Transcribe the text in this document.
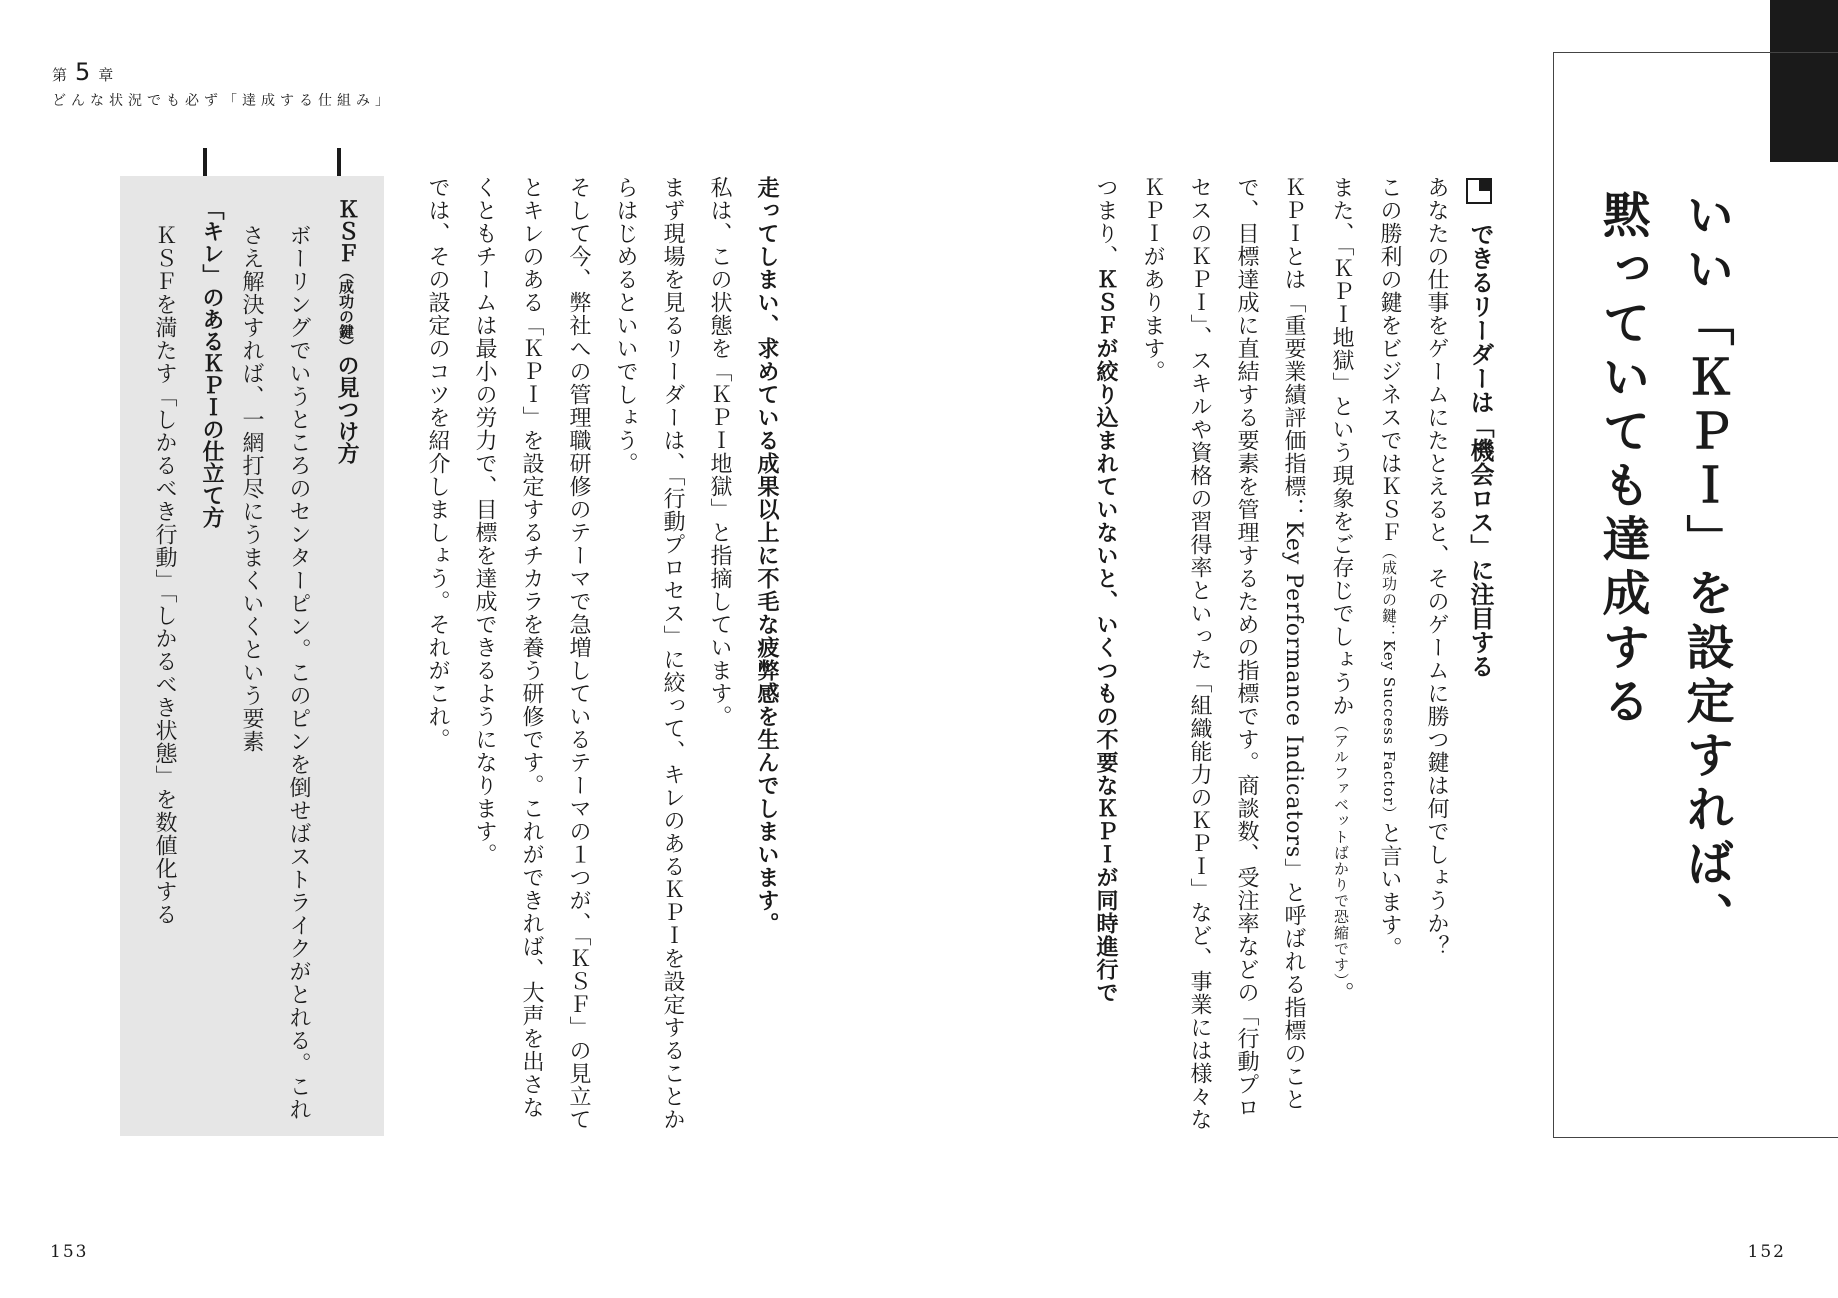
第5 章
どんな状況でも必ず「達成する仕組み」
いい「ＫＰＩ」を設定すれば、
黙っていても達成する
できるリーダーは「機会ロス」に注目する

あなたの仕事をゲームにたとえると、そのゲームに勝つ鍵は何でしょうか？

この勝利の鍵をビジネスではＫＳＦ（成功の鍵：Key Success Factor）と言います。

また、「ＫＰＩ地獄」という現象をご存じでしょうか（アルファベットばかりで恐縮です）。

ＫＰＩとは「重要業績評価指標：Key Performance Indicators」と呼ばれる指標のことで、目標達成に直結する要素を管理するための指標です。商談数、受注率などの「行動プロセスのＫＰＩ」、スキルや資格の習得率といった「組織能力のＫＰＩ」など、事業には様々なＫＰＩがあります。

つまり、ＫＳＦが絞り込まれていないと、いくつもの不要なＫＰＩが同時進行で

走ってしまい、求めている成果以上に不毛な疲弊感を生んでしまいます。

私は、この状態を「ＫＰＩ地獄」と指摘しています。

まず現場を見るリーダーは、「行動プロセス」に絞って、キレのあるＫＰＩを設定することからはじめるといいでしょう。

そして今、弊社への管理職研修のテーマで急増しているテーマの１つが、「ＫＳＦ」の見立てとキレのある「ＫＰＩ」を設定するチカラを養う研修です。これができれば、大声を出さなくともチームは最小の労力で、目標を達成できるようになります。

では、その設定のコツを紹介しましょう。それがこれ。

ＫＳＦ（成功の鍵）の見つけ方
ボーリングでいうところのセンターピン。このピンを倒せばストライクがとれる。これさえ解決すれば、一網打尽にうまくいくという要素
「キレ」のあるＫＰＩの仕立て方
ＫＳＦを満たす「しかるべき行動」「しかるべき状態」を数値化する
153	152
